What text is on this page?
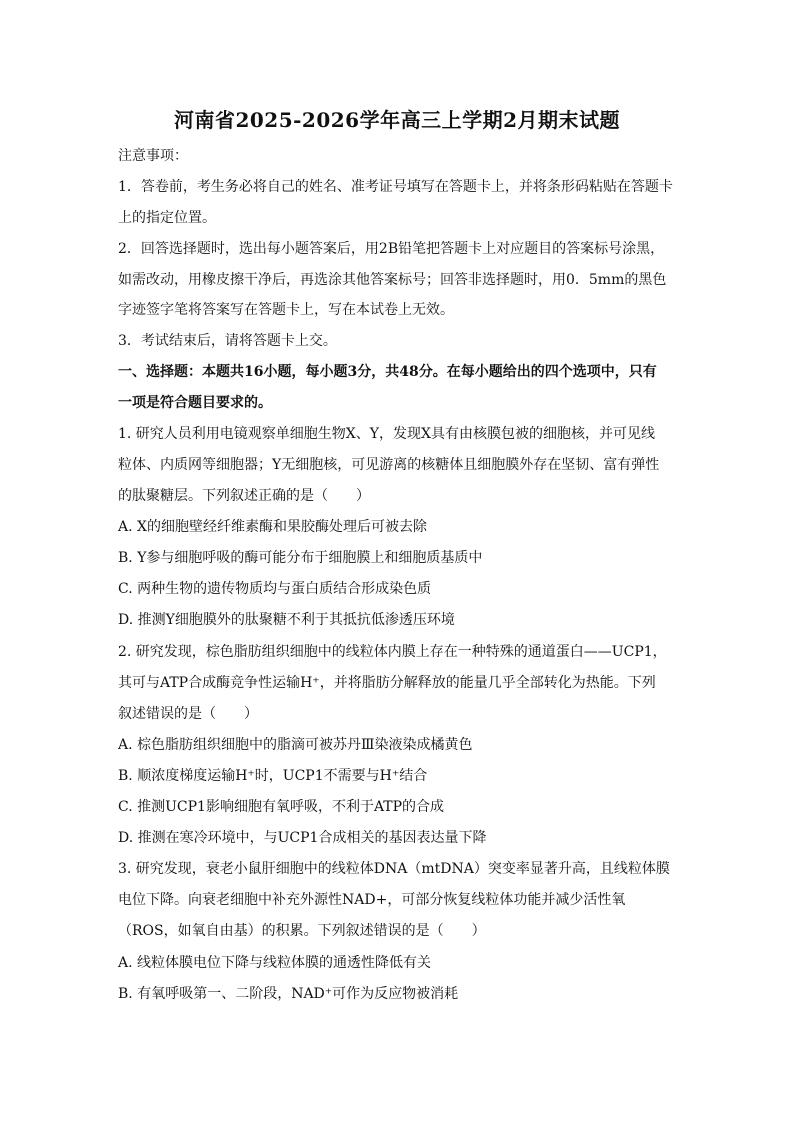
河南省2025-2026学年高三上学期2月期末试题
注意事项：
1．答卷前，考生务必将自己的姓名、准考证号填写在答题卡上，并将条形码粘贴在答题卡
上的指定位置。
2．回答选择题时，选出每小题答案后，用2B铅笔把答题卡上对应题目的答案标号涂黑，
如需改动，用橡皮擦干净后，再选涂其他答案标号；回答非选择题时，用0．5mm的黑色
字迹签字笔将答案写在答题卡上，写在本试卷上无效。
3．考试结束后，请将答题卡上交。
一、选择题：本题共16小题，每小题3分，共48分。在每小题给出的四个选项中，只有
一项是符合题目要求的。
1. 研究人员利用电镜观察单细胞生物X、Y，发现X具有由核膜包被的细胞核，并可见线
粒体、内质网等细胞器；Y无细胞核，可见游离的核糖体且细胞膜外存在坚韧、富有弹性
的肽聚糖层。下列叙述正确的是（　　）
A. X的细胞壁经纤维素酶和果胶酶处理后可被去除
B. Y参与细胞呼吸的酶可能分布于细胞膜上和细胞质基质中
C. 两种生物的遗传物质均与蛋白质结合形成染色质
D. 推测Y细胞膜外的肽聚糖不利于其抵抗低渗透压环境
2. 研究发现，棕色脂肪组织细胞中的线粒体内膜上存在一种特殊的通道蛋白——UCP1，
其可与ATP合成酶竞争性运输H⁺，并将脂肪分解释放的能量几乎全部转化为热能。下列
叙述错误的是（　　）
A. 棕色脂肪组织细胞中的脂滴可被苏丹Ⅲ染液染成橘黄色
B. 顺浓度梯度运输H⁺时，UCP1不需要与H⁺结合
C. 推测UCP1影响细胞有氧呼吸，不利于ATP的合成
D. 推测在寒冷环境中，与UCP1合成相关的基因表达量下降
3. 研究发现，衰老小鼠肝细胞中的线粒体DNA（mtDNA）突变率显著升高，且线粒体膜
电位下降。向衰老细胞中补充外源性NAD+，可部分恢复线粒体功能并减少活性氧
（ROS，如氧自由基）的积累。下列叙述错误的是（　　）
A. 线粒体膜电位下降与线粒体膜的通透性降低有关
B. 有氧呼吸第一、二阶段，NAD⁺可作为反应物被消耗
